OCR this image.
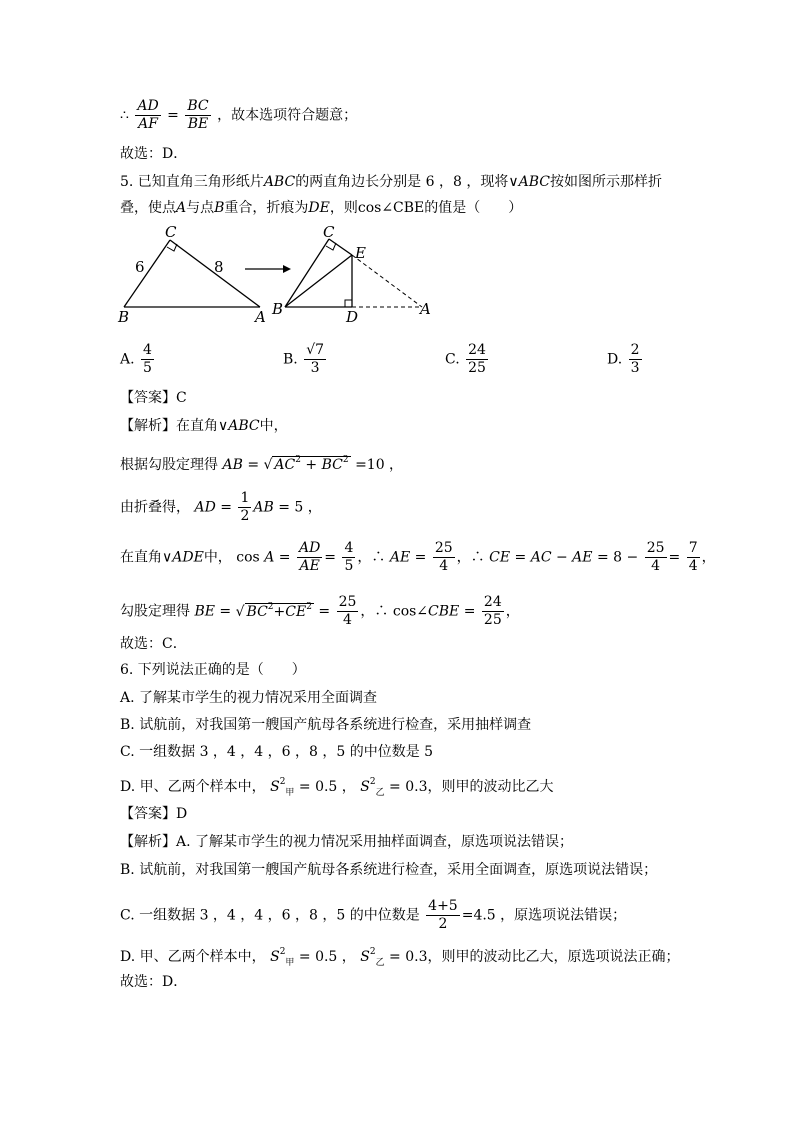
∴ $\frac{AD}{AF} = \frac{BC}{BE}$ ，故本选项符合题意；
故选：D．
5. 已知直角三角形纸片ABC的两直角边长分别是 6 ，8 ，现将∨ABC按如图所示那样折
叠，使点A与点B重合，折痕为DE，则cos∠CBE的值是（　　）
C
B	A
6	8
C
E
B	D	A
A. $\frac{4}{5}$	B. $\frac{√7}{3}$	C. $\frac{24}{25}$	D. $\frac{2}{3}$
【答案】C
【解析】在直角∨ABC中，
根据勾股定理得 AB = √ $AC^2 + BC^2 =10$ ，
由折叠得， AD = $\frac{1}{2}$ AB = 5 ，
在直角∨ADE中， $\cos A = \frac{AD}{AE} = \frac{4}{5}$ ，∴ AE = $\frac{25}{4}$ ，∴ CE = AC − AE = $8 - \frac{25}{4} = \frac{7}{4}$ ，
勾股定理得 BE = √ $BC^2+CE^2 = \frac{25}{4}$ ，∴ cos∠CBE = $\frac{24}{25}$ ，
故选：C．
6. 下列说法正确的是（　　）
A. 了解某市学生的视力情况采用全面调查
B. 试航前，对我国第一艘国产航母各系统进行检查，采用抽样调查
C. 一组数据 3 ，4 ，4 ，6 ，8 ，5 的中位数是 5
D. 甲、乙两个样本中， $S^2_甲 = 0.5$ ， $S^2_乙 = 0.3$，则甲的波动比乙大
【答案】D
【解析】A. 了解某市学生的视力情况采用抽样面调查，原选项说法错误；
B. 试航前，对我国第一艘国产航母各系统进行检查，采用全面调查，原选项说法错误；
C. 一组数据 3 ，4 ，4 ，6 ，8 ，5 的中位数是 $\frac{4+5}{2} =4.5$ ，原选项说法错误；
D. 甲、乙两个样本中， $S^2_甲 = 0.5$ ， $S^2_乙 = 0.3$，则甲的波动比乙大，原选项说法正确；
故选：D．
